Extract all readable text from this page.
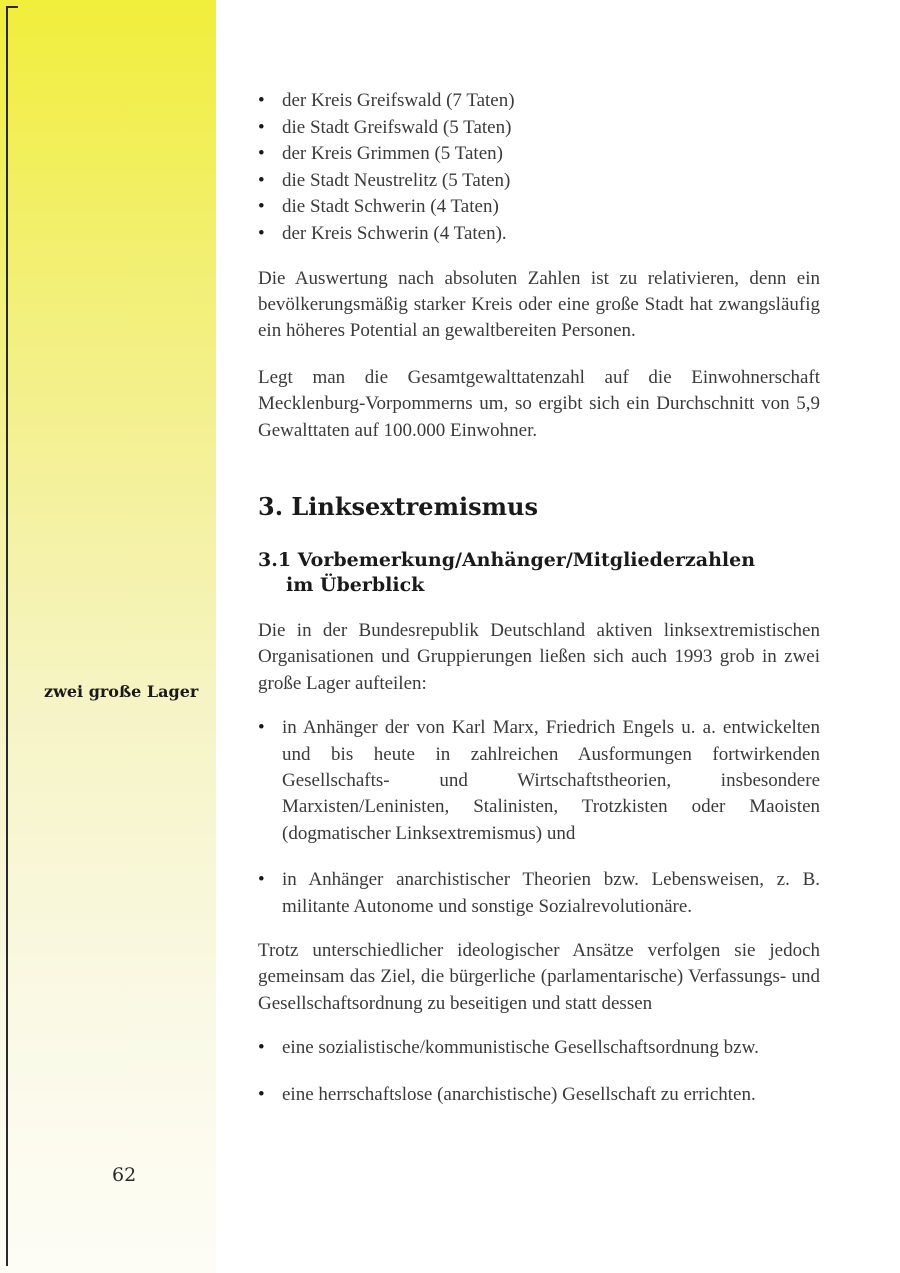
zwei große Lager
62
• der Kreis Greifswald (7 Taten)
• die Stadt Greifswald (5 Taten)
• der Kreis Grimmen (5 Taten)
• die Stadt Neustrelitz (5 Taten)
• die Stadt Schwerin (4 Taten)
• der Kreis Schwerin (4 Taten).

Die Auswertung nach absoluten Zahlen ist zu relativieren, denn ein bevölkerungsmäßig starker Kreis oder eine große Stadt hat zwangsläufig ein höheres Potential an gewaltbereiten Personen.

Legt man die Gesamtgewalttatenzahl auf die Einwohnerschaft Mecklenburg-Vorpommerns um, so ergibt sich ein Durchschnitt von 5,9 Gewalttaten auf 100.000 Einwohner.

3. Linksextremismus
3.1 Vorbemerkung/Anhänger/Mitgliederzahlen
im Überblick

Die in der Bundesrepublik Deutschland aktiven linksextremistischen Organisationen und Gruppierungen ließen sich auch 1993 grob in zwei große Lager aufteilen:

• in Anhänger der von Karl Marx, Friedrich Engels u. a. entwickelten und bis heute in zahlreichen Ausformungen fortwirkenden Gesellschafts- und Wirtschaftstheorien, insbesondere Marxisten/Leninisten, Stalinisten, Trotzkisten oder Maoisten (dogmatischer Linksextremismus) und
• in Anhänger anarchistischer Theorien bzw. Lebensweisen, z. B. militante Autonome und sonstige Sozialrevolutionäre.

Trotz unterschiedlicher ideologischer Ansätze verfolgen sie jedoch gemeinsam das Ziel, die bürgerliche (parlamentarische) Verfassungs- und Gesellschaftsordnung zu beseitigen und statt dessen

• eine sozialistische/kommunistische Gesellschaftsordnung bzw.
• eine herrschaftslose (anarchistische) Gesellschaft zu errichten.
